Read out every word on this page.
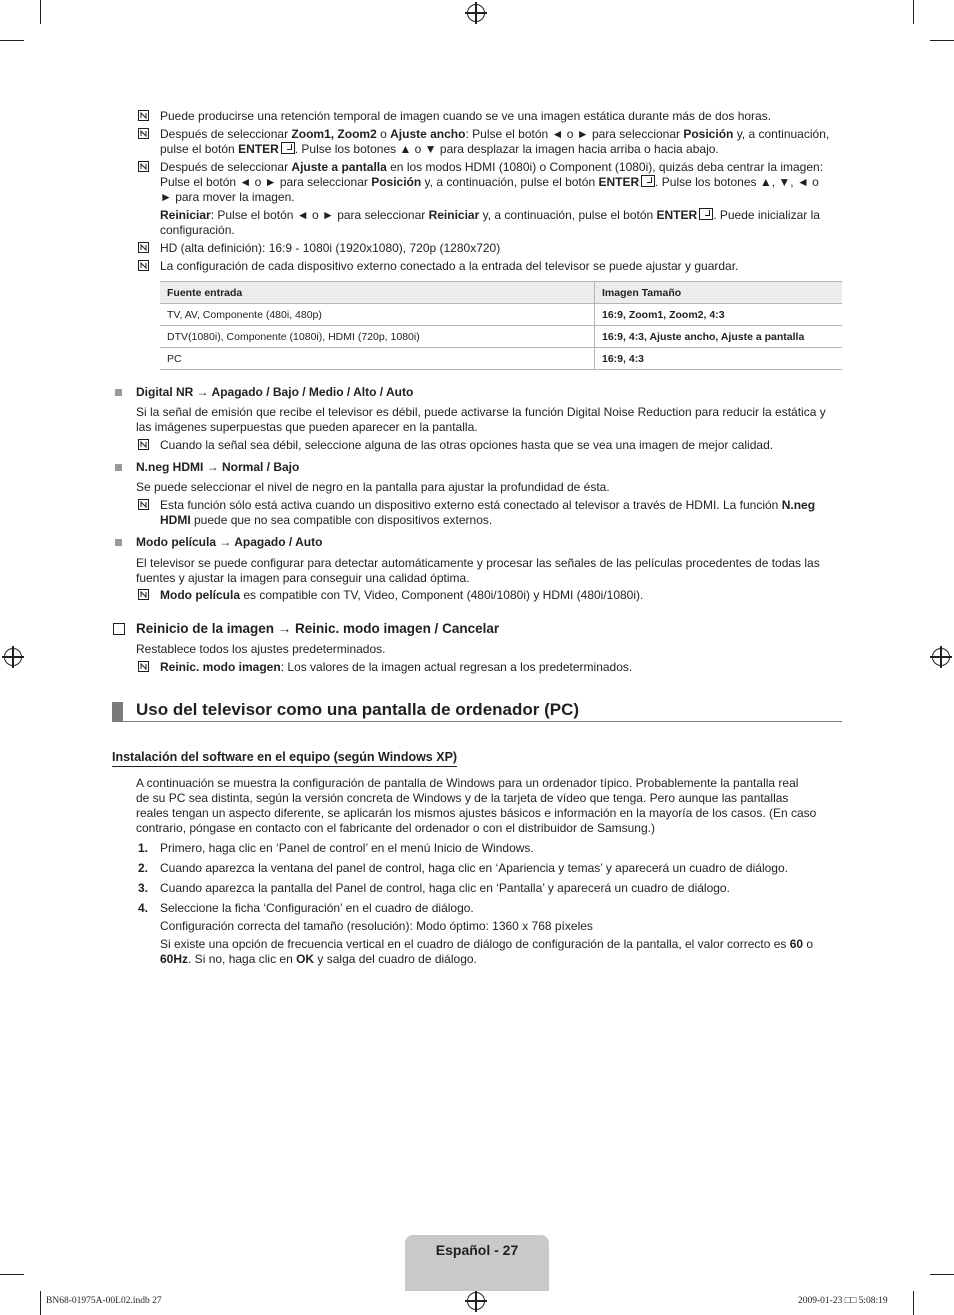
Puede producirse una retención temporal de imagen cuando se ve una imagen estática durante más de dos horas.
Después de seleccionar Zoom1, Zoom2 o Ajuste ancho: Pulse el botón ◄ o ► para seleccionar Posición y, a continuación,
pulse el botón ENTER . Pulse los botones ▲ o ▼ para desplazar la imagen hacia arriba o hacia abajo.
Después de seleccionar Ajuste a pantalla en los modos HDMI (1080i) o Component (1080i), quizás deba centrar la imagen:
Pulse el botón ◄ o ► para seleccionar Posición y, a continuación, pulse el botón ENTER . Pulse los botones ▲, ▼, ◄ o
► para mover la imagen.
Reiniciar: Pulse el botón ◄ o ► para seleccionar Reiniciar y, a continuación, pulse el botón ENTER . Puede inicializar la
configuración.
HD (alta definición): 16:9 - 1080i (1920x1080), 720p (1280x720)
La configuración de cada dispositivo externo conectado a la entrada del televisor se puede ajustar y guardar.
Fuente entrada	Imagen Tamaño
TV, AV, Componente (480i, 480p)	16:9, Zoom1, Zoom2, 4:3
DTV(1080i), Componente (1080i), HDMI (720p, 1080i)	16:9, 4:3, Ajuste ancho, Ajuste a pantalla
PC	16:9, 4:3
Digital NR → Apagado / Bajo / Medio / Alto / Auto
Si la señal de emisión que recibe el televisor es débil, puede activarse la función Digital Noise Reduction para reducir la estática y
las imágenes superpuestas que pueden aparecer en la pantalla.
Cuando la señal sea débil, seleccione alguna de las otras opciones hasta que se vea una imagen de mejor calidad.
N.neg HDMI → Normal / Bajo
Se puede seleccionar el nivel de negro en la pantalla para ajustar la profundidad de ésta.
Esta función sólo está activa cuando un dispositivo externo está conectado al televisor a través de HDMI. La función N.neg
HDMI puede que no sea compatible con dispositivos externos.
Modo película → Apagado / Auto
El televisor se puede configurar para detectar automáticamente y procesar las señales de las películas procedentes de todas las
fuentes y ajustar la imagen para conseguir una calidad óptima.
Modo película es compatible con TV, Video, Component (480i/1080i) y HDMI (480i/1080i).
Reinicio de la imagen → Reinic. modo imagen / Cancelar
Restablece todos los ajustes predeterminados.
Reinic. modo imagen: Los valores de la imagen actual regresan a los predeterminados.
Uso del televisor como una pantalla de ordenador (PC)
Instalación del software en el equipo (según Windows XP)
A continuación se muestra la configuración de pantalla de Windows para un ordenador típico. Probablemente la pantalla real
de su PC sea distinta, según la versión concreta de Windows y de la tarjeta de vídeo que tenga. Pero aunque las pantallas
reales tengan un aspecto diferente, se aplicarán los mismos ajustes básicos e información en la mayoría de los casos. (En caso
contrario, póngase en contacto con el fabricante del ordenador o con el distribuidor de Samsung.)
1. Primero, haga clic en ‘Panel de control’ en el menú Inicio de Windows.
2. Cuando aparezca la ventana del panel de control, haga clic en ‘Apariencia y temas’ y aparecerá un cuadro de diálogo.
3. Cuando aparezca la pantalla del Panel de control, haga clic en ‘Pantalla’ y aparecerá un cuadro de diálogo.
4. Seleccione la ficha ‘Configuración’ en el cuadro de diálogo.
Configuración correcta del tamaño (resolución): Modo óptimo: 1360 x 768 píxeles
Si existe una opción de frecuencia vertical en el cuadro de diálogo de configuración de la pantalla, el valor correcto es 60 o
60Hz. Si no, haga clic en OK y salga del cuadro de diálogo.
Español - 27
BN68-01975A-00L02.indb 27	2009-01-23 □□ 5:08:19
